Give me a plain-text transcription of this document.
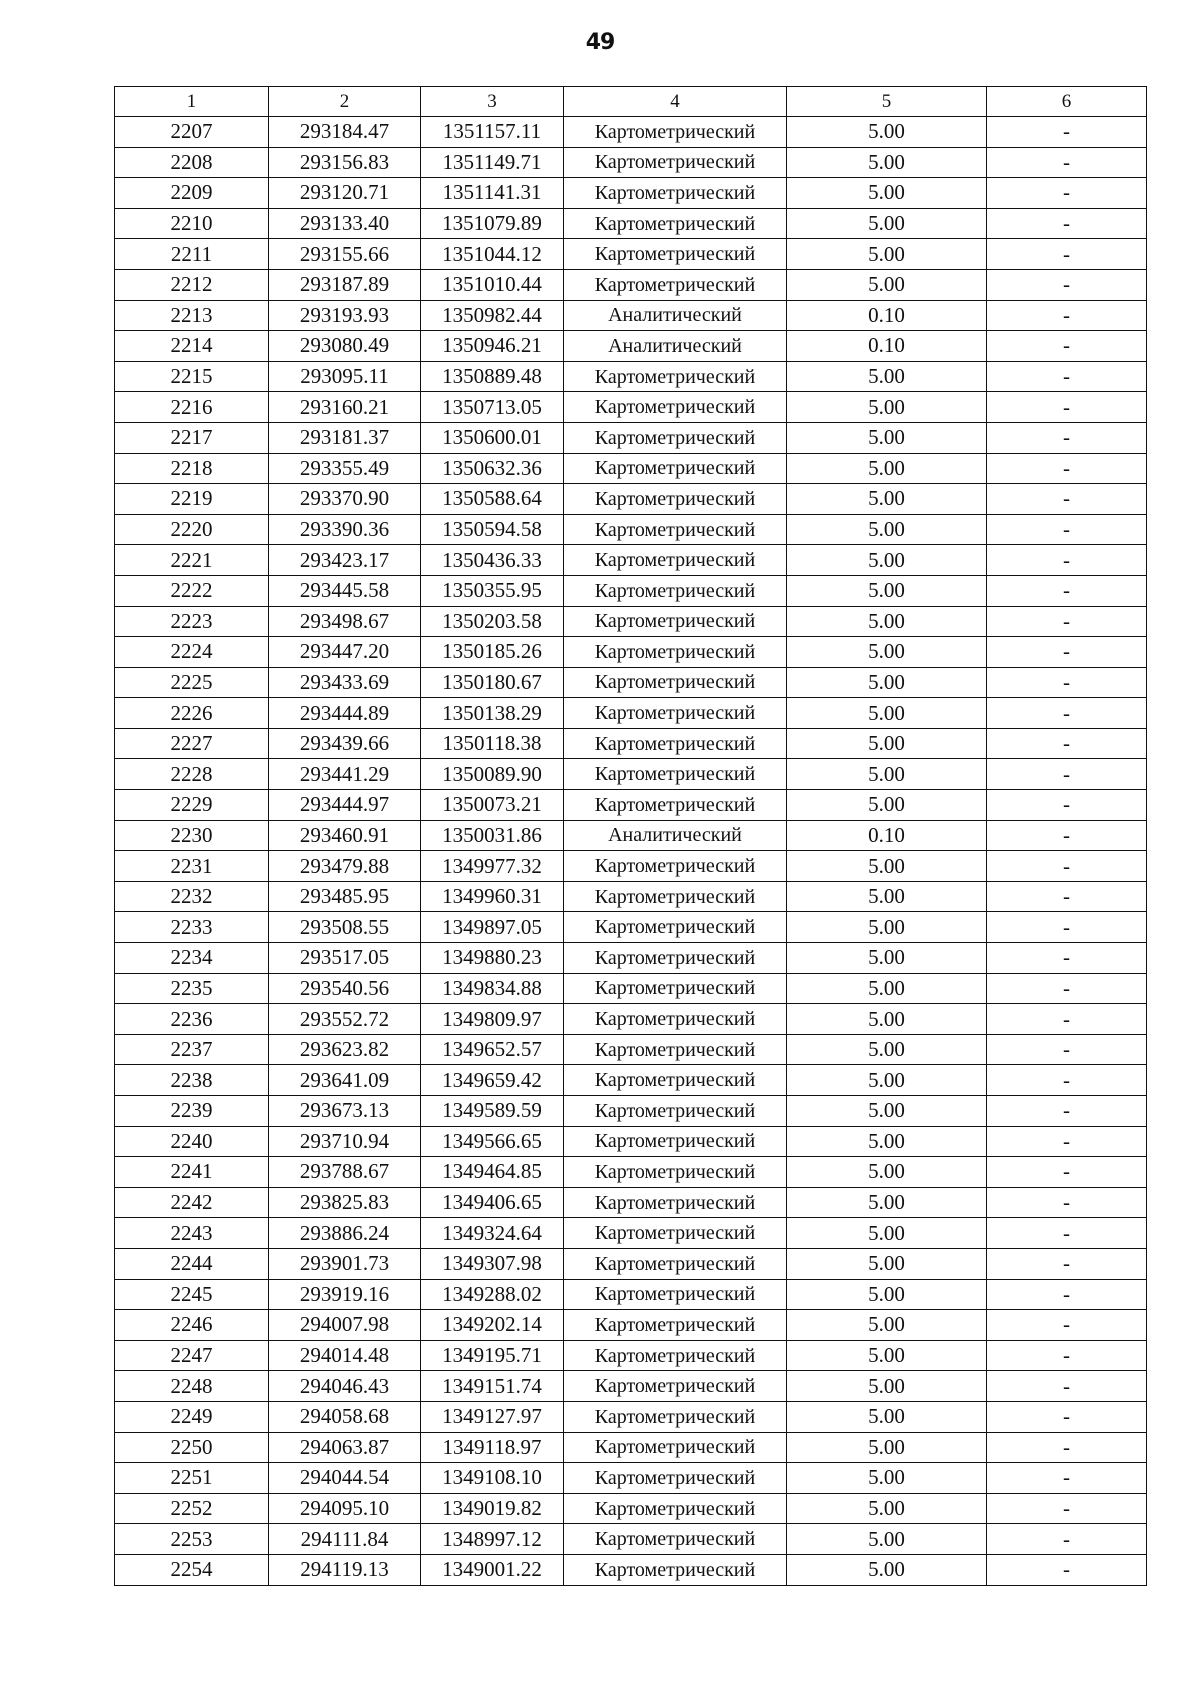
49
1	2	3	4	5	6
2207	293184.47	1351157.11	Картометрический	5.00	-
2208	293156.83	1351149.71	Картометрический	5.00	-
2209	293120.71	1351141.31	Картометрический	5.00	-
2210	293133.40	1351079.89	Картометрический	5.00	-
2211	293155.66	1351044.12	Картометрический	5.00	-
2212	293187.89	1351010.44	Картометрический	5.00	-
2213	293193.93	1350982.44	Аналитический	0.10	-
2214	293080.49	1350946.21	Аналитический	0.10	-
2215	293095.11	1350889.48	Картометрический	5.00	-
2216	293160.21	1350713.05	Картометрический	5.00	-
2217	293181.37	1350600.01	Картометрический	5.00	-
2218	293355.49	1350632.36	Картометрический	5.00	-
2219	293370.90	1350588.64	Картометрический	5.00	-
2220	293390.36	1350594.58	Картометрический	5.00	-
2221	293423.17	1350436.33	Картометрический	5.00	-
2222	293445.58	1350355.95	Картометрический	5.00	-
2223	293498.67	1350203.58	Картометрический	5.00	-
2224	293447.20	1350185.26	Картометрический	5.00	-
2225	293433.69	1350180.67	Картометрический	5.00	-
2226	293444.89	1350138.29	Картометрический	5.00	-
2227	293439.66	1350118.38	Картометрический	5.00	-
2228	293441.29	1350089.90	Картометрический	5.00	-
2229	293444.97	1350073.21	Картометрический	5.00	-
2230	293460.91	1350031.86	Аналитический	0.10	-
2231	293479.88	1349977.32	Картометрический	5.00	-
2232	293485.95	1349960.31	Картометрический	5.00	-
2233	293508.55	1349897.05	Картометрический	5.00	-
2234	293517.05	1349880.23	Картометрический	5.00	-
2235	293540.56	1349834.88	Картометрический	5.00	-
2236	293552.72	1349809.97	Картометрический	5.00	-
2237	293623.82	1349652.57	Картометрический	5.00	-
2238	293641.09	1349659.42	Картометрический	5.00	-
2239	293673.13	1349589.59	Картометрический	5.00	-
2240	293710.94	1349566.65	Картометрический	5.00	-
2241	293788.67	1349464.85	Картометрический	5.00	-
2242	293825.83	1349406.65	Картометрический	5.00	-
2243	293886.24	1349324.64	Картометрический	5.00	-
2244	293901.73	1349307.98	Картометрический	5.00	-
2245	293919.16	1349288.02	Картометрический	5.00	-
2246	294007.98	1349202.14	Картометрический	5.00	-
2247	294014.48	1349195.71	Картометрический	5.00	-
2248	294046.43	1349151.74	Картометрический	5.00	-
2249	294058.68	1349127.97	Картометрический	5.00	-
2250	294063.87	1349118.97	Картометрический	5.00	-
2251	294044.54	1349108.10	Картометрический	5.00	-
2252	294095.10	1349019.82	Картометрический	5.00	-
2253	294111.84	1348997.12	Картометрический	5.00	-
2254	294119.13	1349001.22	Картометрический	5.00	-
